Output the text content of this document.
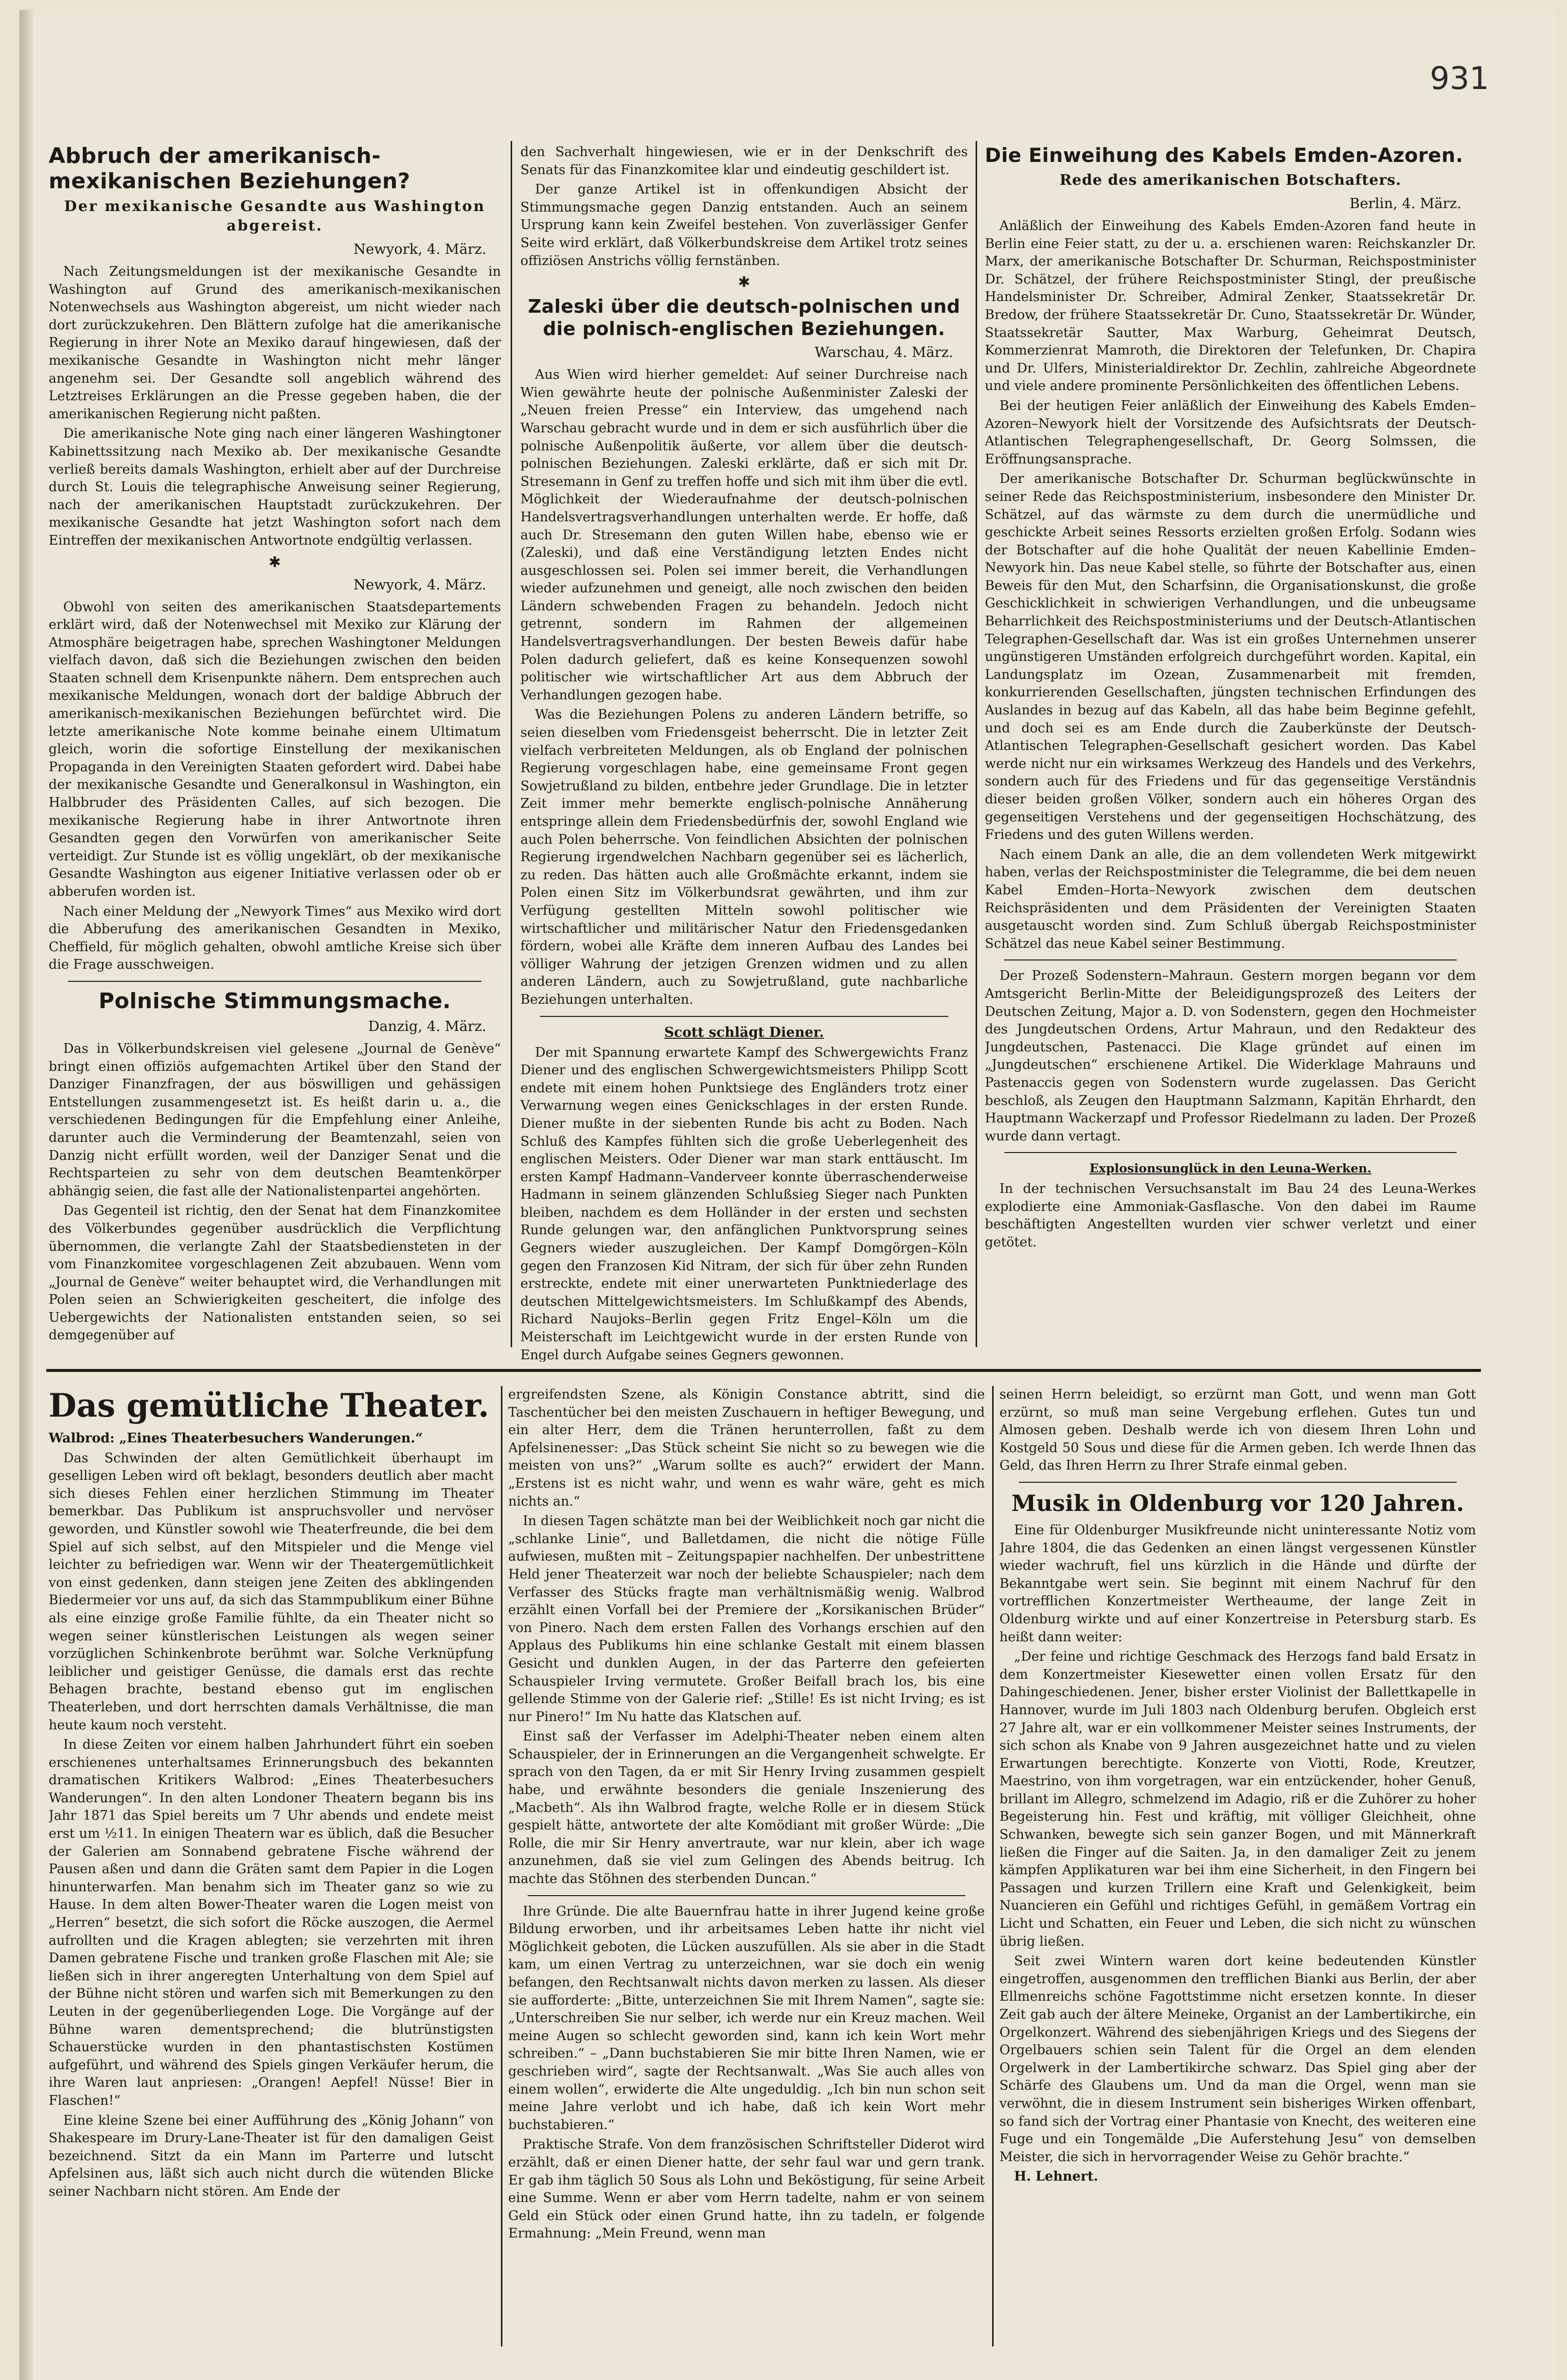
931
Abbruch der amerikanisch-mexikanischen Beziehungen?
Der mexikanische Gesandte aus Washington abgereist.
Newyork, 4. März.

Nach Zeitungsmeldungen ist der mexikanische Gesandte in Washington auf Grund des amerikanisch-mexikanischen Notenwechsels aus Washington abgereist, um nicht wieder nach dort zurückzukehren. Den Blättern zufolge hat die amerikanische Regierung in ihrer Note an Mexiko darauf hingewiesen, daß der mexikanische Gesandte in Washington nicht mehr länger angenehm sei. Der Gesandte soll angeblich während des Letztreises Erklärungen an die Presse gegeben haben, die der amerikanischen Regierung nicht paßten.

Die amerikanische Note ging nach einer längeren Washingtoner Kabinettssitzung nach Mexiko ab. Der mexikanische Gesandte verließ bereits damals Washington, erhielt aber auf der Durchreise durch St. Louis die telegraphische Anweisung seiner Regierung, nach der amerikanischen Hauptstadt zurückzukehren. Der mexikanische Gesandte hat jetzt Washington sofort nach dem Eintreffen der mexikanischen Antwortnote endgültig verlassen.

✱
Newyork, 4. März.

Obwohl von seiten des amerikanischen Staatsdepartements erklärt wird, daß der Notenwechsel mit Mexiko zur Klärung der Atmosphäre beigetragen habe, sprechen Washingtoner Meldungen vielfach davon, daß sich die Beziehungen zwischen den beiden Staaten schnell dem Krisenpunkte nähern. Dem entsprechen auch mexikanische Meldungen, wonach dort der baldige Abbruch der amerikanisch-mexikanischen Beziehungen befürchtet wird. Die letzte amerikanische Note komme beinahe einem Ultimatum gleich, worin die sofortige Einstellung der mexikanischen Propaganda in den Vereinigten Staaten gefordert wird. Dabei habe der mexikanische Gesandte und Generalkonsul in Washington, ein Halbbruder des Präsidenten Calles, auf sich bezogen. Die mexikanische Regierung habe in ihrer Antwortnote ihren Gesandten gegen den Vorwürfen von amerikanischer Seite verteidigt. Zur Stunde ist es völlig ungeklärt, ob der mexikanische Gesandte Washington aus eigener Initiative verlassen oder ob er abberufen worden ist.

Nach einer Meldung der „Newyork Times“ aus Mexiko wird dort die Abberufung des amerikanischen Gesandten in Mexiko, Cheffield, für möglich gehalten, obwohl amtliche Kreise sich über die Frage ausschweigen.

Polnische Stimmungsmache.
Danzig, 4. März.

Das in Völkerbundskreisen viel gelesene „Journal de Genève“ bringt einen offiziös aufgemachten Artikel über den Stand der Danziger Finanzfragen, der aus böswilligen und gehässigen Entstellungen zusammengesetzt ist. Es heißt darin u. a., die verschiedenen Bedingungen für die Empfehlung einer Anleihe, darunter auch die Verminderung der Beamtenzahl, seien von Danzig nicht erfüllt worden, weil der Danziger Senat und die Rechtsparteien zu sehr von dem deutschen Beamtenkörper abhängig seien, die fast alle der Nationalistenpartei angehörten.

Das Gegenteil ist richtig, den der Senat hat dem Finanzkomitee des Völkerbundes gegenüber ausdrücklich die Verpflichtung übernommen, die verlangte Zahl der Staatsbediensteten in der vom Finanzkomitee vorgeschlagenen Zeit abzubauen. Wenn vom „Journal de Genève“ weiter behauptet wird, die Verhandlungen mit Polen seien an Schwierigkeiten gescheitert, die infolge des Uebergewichts der Nationalisten entstanden seien, so sei demgegenüber auf

den Sachverhalt hingewiesen, wie er in der Denkschrift des Senats für das Finanzkomitee klar und eindeutig geschildert ist.

Der ganze Artikel ist in offenkundigen Absicht der Stimmungsmache gegen Danzig entstanden. Auch an seinem Ursprung kann kein Zweifel bestehen. Von zuverlässiger Genfer Seite wird erklärt, daß Völkerbundskreise dem Artikel trotz seines offiziösen Anstrichs völlig fernstänben.

✱
Zaleski über die deutsch-polnischen und die polnisch-englischen Beziehungen.
Warschau, 4. März.

Aus Wien wird hierher gemeldet: Auf seiner Durchreise nach Wien gewährte heute der polnische Außenminister Zaleski der „Neuen freien Presse“ ein Interview, das umgehend nach Warschau gebracht wurde und in dem er sich ausführlich über die polnische Außenpolitik äußerte, vor allem über die deutsch-polnischen Beziehungen. Zaleski erklärte, daß er sich mit Dr. Stresemann in Genf zu treffen hoffe und sich mit ihm über die evtl. Möglichkeit der Wiederaufnahme der deutsch-polnischen Handelsvertragsverhandlungen unterhalten werde. Er hoffe, daß auch Dr. Stresemann den guten Willen habe, ebenso wie er (Zaleski), und daß eine Verständigung letzten Endes nicht ausgeschlossen sei. Polen sei immer bereit, die Verhandlungen wieder aufzunehmen und geneigt, alle noch zwischen den beiden Ländern schwebenden Fragen zu behandeln. Jedoch nicht getrennt, sondern im Rahmen der allgemeinen Handelsvertragsverhandlungen. Der besten Beweis dafür habe Polen dadurch geliefert, daß es keine Konsequenzen sowohl politischer wie wirtschaftlicher Art aus dem Abbruch der Verhandlungen gezogen habe.

Was die Beziehungen Polens zu anderen Ländern betriffe, so seien dieselben vom Friedensgeist beherrscht. Die in letzter Zeit vielfach verbreiteten Meldungen, als ob England der polnischen Regierung vorgeschlagen habe, eine gemeinsame Front gegen Sowjetrußland zu bilden, entbehre jeder Grundlage. Die in letzter Zeit immer mehr bemerkte englisch-polnische Annäherung entspringe allein dem Friedensbedürfnis der, sowohl England wie auch Polen beherrsche. Von feindlichen Absichten der polnischen Regierung irgendwelchen Nachbarn gegenüber sei es lächerlich, zu reden. Das hätten auch alle Großmächte erkannt, indem sie Polen einen Sitz im Völkerbundsrat gewährten, und ihm zur Verfügung gestellten Mitteln sowohl politischer wie wirtschaftlicher und militärischer Natur den Friedensgedanken fördern, wobei alle Kräfte dem inneren Aufbau des Landes bei völliger Wahrung der jetzigen Grenzen widmen und zu allen anderen Ländern, auch zu Sowjetrußland, gute nachbarliche Beziehungen unterhalten.

Scott schlägt Diener.

Der mit Spannung erwartete Kampf des Schwergewichts Franz Diener und des englischen Schwergewichtsmeisters Philipp Scott endete mit einem hohen Punktsiege des Engländers trotz einer Verwarnung wegen eines Genickschlages in der ersten Runde. Diener mußte in der siebenten Runde bis acht zu Boden. Nach Schluß des Kampfes fühlten sich die große Ueberlegenheit des englischen Meisters. Oder Diener war man stark enttäuscht. Im ersten Kampf Hadmann–Vanderveer konnte überraschenderweise Hadmann in seinem glänzenden Schlußsieg Sieger nach Punkten bleiben, nachdem es dem Holländer in der ersten und sechsten Runde gelungen war, den anfänglichen Punktvorsprung seines Gegners wieder auszugleichen. Der Kampf Domgörgen–Köln gegen den Franzosen Kid Nitram, der sich für über zehn Runden erstreckte, endete mit einer unerwarteten Punktniederlage des deutschen Mittelgewichtsmeisters. Im Schlußkampf des Abends, Richard Naujoks–Berlin gegen Fritz Engel–Köln um die Meisterschaft im Leichtgewicht wurde in der ersten Runde von Engel durch Aufgabe seines Gegners gewonnen.

Die Einweihung des Kabels Emden-Azoren.
Rede des amerikanischen Botschafters.
Berlin, 4. März.

Anläßlich der Einweihung des Kabels Emden-Azoren fand heute in Berlin eine Feier statt, zu der u. a. erschienen waren: Reichskanzler Dr. Marx, der amerikanische Botschafter Dr. Schurman, Reichspostminister Dr. Schätzel, der frühere Reichspostminister Stingl, der preußische Handelsminister Dr. Schreiber, Admiral Zenker, Staatssekretär Dr. Bredow, der frühere Staatssekretär Dr. Cuno, Staatssekretär Dr. Wünder, Staatssekretär Sautter, Max Warburg, Geheimrat Deutsch, Kommerzienrat Mamroth, die Direktoren der Telefunken, Dr. Chapira und Dr. Ulfers, Ministerialdirektor Dr. Zechlin, zahlreiche Abgeordnete und viele andere prominente Persönlichkeiten des öffentlichen Lebens.

Bei der heutigen Feier anläßlich der Einweihung des Kabels Emden–Azoren–Newyork hielt der Vorsitzende des Aufsichtsrats der Deutsch-Atlantischen Telegraphengesellschaft, Dr. Georg Solmssen, die Eröffnungsansprache.

Der amerikanische Botschafter Dr. Schurman beglückwünschte in seiner Rede das Reichspostministerium, insbesondere den Minister Dr. Schätzel, auf das wärmste zu dem durch die unermüdliche und geschickte Arbeit seines Ressorts erzielten großen Erfolg. Sodann wies der Botschafter auf die hohe Qualität der neuen Kabellinie Emden–Newyork hin. Das neue Kabel stelle, so führte der Botschafter aus, einen Beweis für den Mut, den Scharfsinn, die Organisationskunst, die große Geschicklichkeit in schwierigen Verhandlungen, und die unbeugsame Beharrlichkeit des Reichspostministeriums und der Deutsch-Atlantischen Telegraphen-Gesellschaft dar. Was ist ein großes Unternehmen unserer ungünstigeren Umständen erfolgreich durchgeführt worden. Kapital, ein Landungsplatz im Ozean, Zusammenarbeit mit fremden, konkurrierenden Gesellschaften, jüngsten technischen Erfindungen des Auslandes in bezug auf das Kabeln, all das habe beim Beginne gefehlt, und doch sei es am Ende durch die Zauberkünste der Deutsch-Atlantischen Telegraphen-Gesellschaft gesichert worden. Das Kabel werde nicht nur ein wirksames Werkzeug des Handels und des Verkehrs, sondern auch für des Friedens und für das gegenseitige Verständnis dieser beiden großen Völker, sondern auch ein höheres Organ des gegenseitigen Verstehens und der gegenseitigen Hochschätzung, des Friedens und des guten Willens werden.

Nach einem Dank an alle, die an dem vollendeten Werk mitgewirkt haben, verlas der Reichspostminister die Telegramme, die bei dem neuen Kabel Emden–Horta–Newyork zwischen dem deutschen Reichspräsidenten und dem Präsidenten der Vereinigten Staaten ausgetauscht worden sind. Zum Schluß übergab Reichspostminister Schätzel das neue Kabel seiner Bestimmung.

Der Prozeß Sodenstern–Mahraun. Gestern morgen begann vor dem Amtsgericht Berlin-Mitte der Beleidigungsprozeß des Leiters der Deutschen Zeitung, Major a. D. von Sodenstern, gegen den Hochmeister des Jungdeutschen Ordens, Artur Mahraun, und den Redakteur des Jungdeutschen, Pastenacci. Die Klage gründet auf einen im „Jungdeutschen“ erschienene Artikel. Die Widerklage Mahrauns und Pastenaccis gegen von Sodenstern wurde zugelassen. Das Gericht beschloß, als Zeugen den Hauptmann Salzmann, Kapitän Ehrhardt, den Hauptmann Wackerzapf und Professor Riedelmann zu laden. Der Prozeß wurde dann vertagt.

Explosionsunglück in den Leuna-Werken.

In der technischen Versuchsanstalt im Bau 24 des Leuna-Werkes explodierte eine Ammoniak-Gasflasche. Von den dabei im Raume beschäftigten Angestellten wurden vier schwer verletzt und einer getötet.

Das gemütliche Theater.

Walbrod: „Eines Theaterbesuchers Wanderungen.“

Das Schwinden der alten Gemütlichkeit überhaupt im geselligen Leben wird oft beklagt, besonders deutlich aber macht sich dieses Fehlen einer herzlichen Stimmung im Theater bemerkbar. Das Publikum ist anspruchsvoller und nervöser geworden, und Künstler sowohl wie Theaterfreunde, die bei dem Spiel auf sich selbst, auf den Mitspieler und die Menge viel leichter zu befriedigen war. Wenn wir der Theatergemütlichkeit von einst gedenken, dann steigen jene Zeiten des abklingenden Biedermeier vor uns auf, da sich das Stammpublikum einer Bühne als eine einzige große Familie fühlte, da ein Theater nicht so wegen seiner künstlerischen Leistungen als wegen seiner vorzüglichen Schinkenbrote berühmt war. Solche Verknüpfung leiblicher und geistiger Genüsse, die damals erst das rechte Behagen brachte, bestand ebenso gut im englischen Theaterleben, und dort herrschten damals Verhältnisse, die man heute kaum noch versteht.

In diese Zeiten vor einem halben Jahrhundert führt ein soeben erschienenes unterhaltsames Erinnerungsbuch des bekannten dramatischen Kritikers Walbrod: „Eines Theaterbesuchers Wanderungen“. In den alten Londoner Theatern begann bis ins Jahr 1871 das Spiel bereits um 7 Uhr abends und endete meist erst um ½11. In einigen Theatern war es üblich, daß die Besucher der Galerien am Sonnabend gebratene Fische während der Pausen aßen und dann die Gräten samt dem Papier in die Logen hinunterwarfen. Man benahm sich im Theater ganz so wie zu Hause. In dem alten Bower-Theater waren die Logen meist von „Herren“ besetzt, die sich sofort die Röcke auszogen, die Aermel aufrollten und die Kragen ablegten; sie verzehrten mit ihren Damen gebratene Fische und tranken große Flaschen mit Ale; sie ließen sich in ihrer angeregten Unterhaltung von dem Spiel auf der Bühne nicht stören und warfen sich mit Bemerkungen zu den Leuten in der gegenüberliegenden Loge. Die Vorgänge auf der Bühne waren dementsprechend; die blutrünstigsten Schauerstücke wurden in den phantastischsten Kostümen aufgeführt, und während des Spiels gingen Verkäufer herum, die ihre Waren laut anpriesen: „Orangen! Aepfel! Nüsse! Bier in Flaschen!“

Eine kleine Szene bei einer Aufführung des „König Johann“ von Shakespeare im Drury-Lane-Theater ist für den damaligen Geist bezeichnend. Sitzt da ein Mann im Parterre und lutscht Apfelsinen aus, läßt sich auch nicht durch die wütenden Blicke seiner Nachbarn nicht stören. Am Ende der

ergreifendsten Szene, als Königin Constance abtritt, sind die Taschentücher bei den meisten Zuschauern in heftiger Bewegung, und ein alter Herr, dem die Tränen herunterrollen, faßt zu dem Apfelsinenesser: „Das Stück scheint Sie nicht so zu bewegen wie die meisten von uns?“ „Warum sollte es auch?“ erwidert der Mann. „Erstens ist es nicht wahr, und wenn es wahr wäre, geht es mich nichts an.“

In diesen Tagen schätzte man bei der Weiblichkeit noch gar nicht die „schlanke Linie“, und Balletdamen, die nicht die nötige Fülle aufwiesen, mußten mit – Zeitungspapier nachhelfen. Der unbestrittene Held jener Theaterzeit war noch der beliebte Schauspieler; nach dem Verfasser des Stücks fragte man verhältnismäßig wenig. Walbrod erzählt einen Vorfall bei der Premiere der „Korsikanischen Brüder“ von Pinero. Nach dem ersten Fallen des Vorhangs erschien auf den Applaus des Publikums hin eine schlanke Gestalt mit einem blassen Gesicht und dunklen Augen, in der das Parterre den gefeierten Schauspieler Irving vermutete. Großer Beifall brach los, bis eine gellende Stimme von der Galerie rief: „Stille! Es ist nicht Irving; es ist nur Pinero!“ Im Nu hatte das Klatschen auf.

Einst saß der Verfasser im Adelphi-Theater neben einem alten Schauspieler, der in Erinnerungen an die Vergangenheit schwelgte. Er sprach von den Tagen, da er mit Sir Henry Irving zusammen gespielt habe, und erwähnte besonders die geniale Inszenierung des „Macbeth“. Als ihn Walbrod fragte, welche Rolle er in diesem Stück gespielt hätte, antwortete der alte Komödiant mit großer Würde: „Die Rolle, die mir Sir Henry anvertraute, war nur klein, aber ich wage anzunehmen, daß sie viel zum Gelingen des Abends beitrug. Ich machte das Stöhnen des sterbenden Duncan.“

Ihre Gründe. Die alte Bauernfrau hatte in ihrer Jugend keine große Bildung erworben, und ihr arbeitsames Leben hatte ihr nicht viel Möglichkeit geboten, die Lücken auszufüllen. Als sie aber in die Stadt kam, um einen Vertrag zu unterzeichnen, war sie doch ein wenig befangen, den Rechtsanwalt nichts davon merken zu lassen. Als dieser sie aufforderte: „Bitte, unterzeichnen Sie mit Ihrem Namen“, sagte sie: „Unterschreiben Sie nur selber, ich werde nur ein Kreuz machen. Weil meine Augen so schlecht geworden sind, kann ich kein Wort mehr schreiben.“ – „Dann buchstabieren Sie mir bitte Ihren Namen, wie er geschrieben wird“, sagte der Rechtsanwalt. „Was Sie auch alles von einem wollen“, erwiderte die Alte ungeduldig. „Ich bin nun schon seit meine Jahre verlobt und ich habe, daß ich kein Wort mehr buchstabieren.“

Praktische Strafe. Von dem französischen Schriftsteller Diderot wird erzählt, daß er einen Diener hatte, der sehr faul war und gern trank. Er gab ihm täglich 50 Sous als Lohn und Beköstigung, für seine Arbeit eine Summe. Wenn er aber vom Herrn tadelte, nahm er von seinem Geld ein Stück oder einen Grund hatte, ihn zu tadeln, er folgende Ermahnung: „Mein Freund, wenn man

seinen Herrn beleidigt, so erzürnt man Gott, und wenn man Gott erzürnt, so muß man seine Vergebung erflehen. Gutes tun und Almosen geben. Deshalb werde ich von diesem Ihren Lohn und Kostgeld 50 Sous und diese für die Armen geben. Ich werde Ihnen das Geld, das Ihren Herrn zu Ihrer Strafe einmal geben.

Musik in Oldenburg vor 120 Jahren.

Eine für Oldenburger Musikfreunde nicht uninteressante Notiz vom Jahre 1804, die das Gedenken an einen längst vergessenen Künstler wieder wachruft, fiel uns kürzlich in die Hände und dürfte der Bekanntgabe wert sein. Sie beginnt mit einem Nachruf für den vortrefflichen Konzertmeister Wertheaume, der lange Zeit in Oldenburg wirkte und auf einer Konzertreise in Petersburg starb. Es heißt dann weiter:

„Der feine und richtige Geschmack des Herzogs fand bald Ersatz in dem Konzertmeister Kiesewetter einen vollen Ersatz für den Dahingeschiedenen. Jener, bisher erster Violinist der Ballettkapelle in Hannover, wurde im Juli 1803 nach Oldenburg berufen. Obgleich erst 27 Jahre alt, war er ein vollkommener Meister seines Instruments, der sich schon als Knabe von 9 Jahren ausgezeichnet hatte und zu vielen Erwartungen berechtigte. Konzerte von Viotti, Rode, Kreutzer, Maestrino, von ihm vorgetragen, war ein entzückender, hoher Genuß, brillant im Allegro, schmelzend im Adagio, riß er die Zuhörer zu hoher Begeisterung hin. Fest und kräftig, mit völliger Gleichheit, ohne Schwanken, bewegte sich sein ganzer Bogen, und mit Männerkraft ließen die Finger auf die Saiten. Ja, in den damaliger Zeit zu jenem kämpfen Applikaturen war bei ihm eine Sicherheit, in den Fingern bei Passagen und kurzen Trillern eine Kraft und Gelenkigkeit, beim Nuancieren ein Gefühl und richtiges Gefühl, in gemäßem Vortrag ein Licht und Schatten, ein Feuer und Leben, die sich nicht zu wünschen übrig ließen.

Seit zwei Wintern waren dort keine bedeutenden Künstler eingetroffen, ausgenommen den trefflichen Bianki aus Berlin, der aber Ellmenreichs schöne Fagottstimme nicht ersetzen konnte. In dieser Zeit gab auch der ältere Meineke, Organist an der Lambertikirche, ein Orgelkonzert. Während des siebenjährigen Kriegs und des Siegens der Orgelbauers schien sein Talent für die Orgel an dem elenden Orgelwerk in der Lambertikirche schwarz. Das Spiel ging aber der Schärfe des Glaubens um. Und da man die Orgel, wenn man sie verwöhnt, die in diesem Instrument sein bisheriges Wirken offenbart, so fand sich der Vortrag einer Phantasie von Knecht, des weiteren eine Fuge und ein Tongemälde „Die Auferstehung Jesu“ von demselben Meister, die sich in hervorragender Weise zu Gehör brachte.“

H. Lehnert.
